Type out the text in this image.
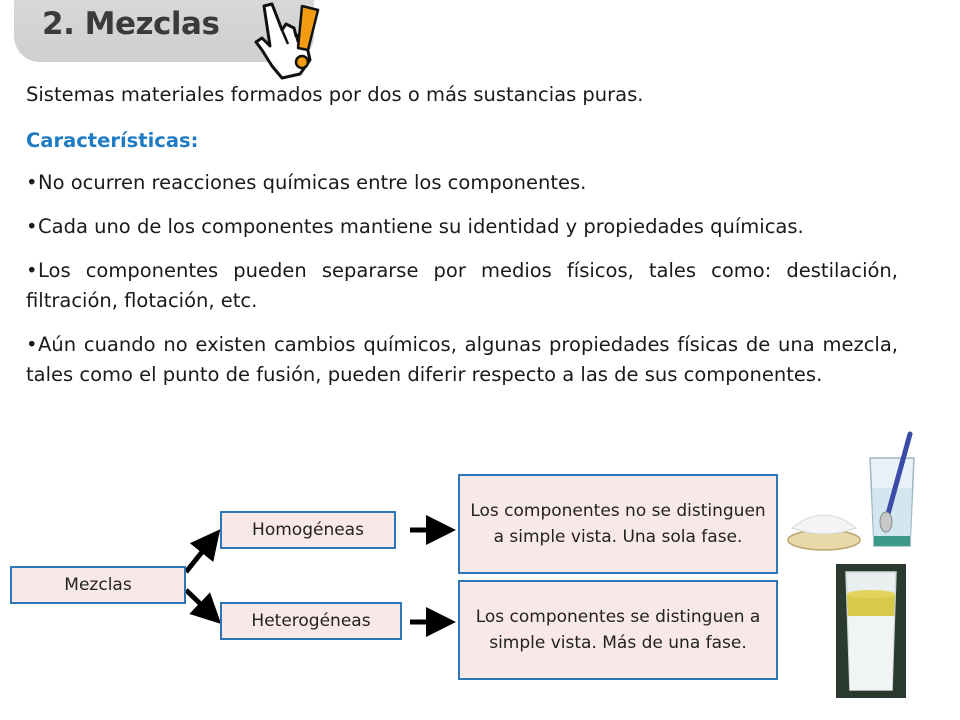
2. Mezclas

Sistemas materiales formados por dos o más sustancias puras.

Características:

•No ocurren reacciones químicas entre los componentes.

•Cada uno de los componentes mantiene su identidad y propiedades químicas.

•Los componentes pueden separarse por medios físicos, tales como: destilación, filtración, flotación, etc.

•Aún cuando no existen cambios químicos, algunas propiedades físicas de una mezcla, tales como el punto de fusión, pueden diferir respecto a las de sus componentes.

Mezclas
Homogéneas
Heterogéneas
Los componentes no se distinguen a simple vista. Una sola fase.
Los componentes se distinguen a simple vista. Más de una fase.
